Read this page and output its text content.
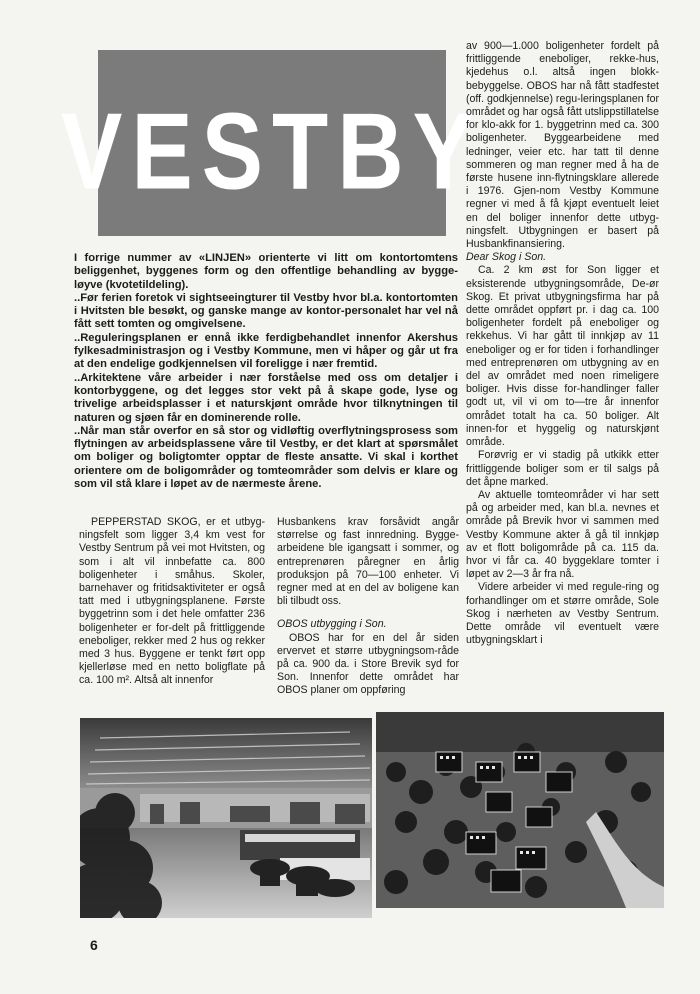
VESTBY

I forrige nummer av «LINJEN» orienterte vi litt om kontortomtens beliggenhet, byggenes form og den offentlige behandling av bygge-løyve (kvotetildeling).

..Før ferien foretok vi sightseeingturer til Vestby hvor bl.a. kontortomten i Hvitsten ble besøkt, og ganske mange av kontor-personalet har vel nå fått sett tomten og omgivelsene.

..Reguleringsplanen er ennå ikke ferdigbehandlet innenfor Akershus fylkesadministrasjon og i Vestby Kommune, men vi håper og går ut fra at den endelige godkjennelsen vil foreligge i nær fremtid.

..Arkitektene våre arbeider i nær forståelse med oss om detaljer i kontorbyggene, og det legges stor vekt på å skape gode, lyse og trivelige arbeidsplasser i et naturskjønt område hvor tilknytningen til naturen og sjøen får en dominerende rolle.

..Når man står overfor en så stor og vidløftig overflytningsprosess som flytningen av arbeidsplassene våre til Vestby, er det klart at spørsmålet om boliger og boligtomter opptar de fleste ansatte. Vi skal i korthet orientere om de boligområder og tomteområder som delvis er klare og som vil stå klare i løpet av de nærmeste årene.

av 900—1.000 boligenheter fordelt på frittliggende eneboliger, rekke-hus, kjedehus o.l. altså ingen blokk-bebyggelse. OBOS har nå fått stadfestet (off. godkjennelse) regu-leringsplanen for området og har også fått utslippstillatelse for klo-akk for 1. byggetrinn med ca. 300 boligenheter. Byggearbeidene med ledninger, veier etc. har tatt til denne sommeren og man regner med å ha de første husene inn-flytningsklare allerede i 1976. Gjen-nom Vestby Kommune regner vi med å få kjøpt eventuelt leiet en del boliger innenfor dette utbyg-ningsfelt. Utbygningen er basert på Husbankfinansiering.

Dear Skog i Son.

Ca. 2 km øst for Son ligger et eksisterende utbygningsområde, De-ør Skog. Et privat utbygningsfirma har på dette området oppført pr. i dag ca. 100 boligenheter fordelt på eneboliger og rekkehus. Vi har gått til innkjøp av 11 eneboliger og er for tiden i forhandlinger med entreprenøren om utbygning av en del av området med noen rimeligere boliger. Hvis disse for-handlinger faller godt ut, vil vi om to—tre år innenfor området totalt ha ca. 50 boliger. Alt innen-for et hyggelig og naturskjønt område.

Forøvrig er vi stadig på utkikk etter frittliggende boliger som er til salgs på det åpne marked.

Av aktuelle tomteområder vi har sett på og arbeider med, kan bl.a. nevnes et område på Brevik hvor vi sammen med Vestby Kommune akter å gå til innkjøp av et flott boligområde på ca. 115 da. hvor vi får ca. 40 byggeklare tomter i løpet av 2—3 år fra nå.

Videre arbeider vi med regule-ring og forhandlinger om et større område, Sole Skog i nærheten av Vestby Sentrum. Dette område vil eventuelt være utbygningsklart i

PEPPERSTAD SKOG, er et utbyg-ningsfelt som ligger 3,4 km vest for Vestby Sentrum på vei mot Hvitsten, og som i alt vil innbefatte ca. 800 boligenheter i småhus. Skoler, barnehaver og fritidsaktiviteter er også tatt med i utbygningsplanene. Første byggetrinn som i det hele omfatter 236 boligenheter er for-delt på frittliggende eneboliger, rekker med 2 hus og rekker med 3 hus. Byggene er tenkt ført opp kjellerløse med en netto boligflate på ca. 100 m². Altså alt innenfor

Husbankens krav forsåvidt angår størrelse og fast innredning. Bygge-arbeidene ble igangsatt i sommer, og entreprenøren påregner en årlig produksjon på 70—100 enheter. Vi regner med at en del av boligene kan bli tilbudt oss.

OBOS utbygging i Son.

OBOS har for en del år siden ervervet et større utbygningsom-råde på ca. 900 da. i Store Brevik syd for Son. Innenfor dette området har OBOS planer om oppføring

6
